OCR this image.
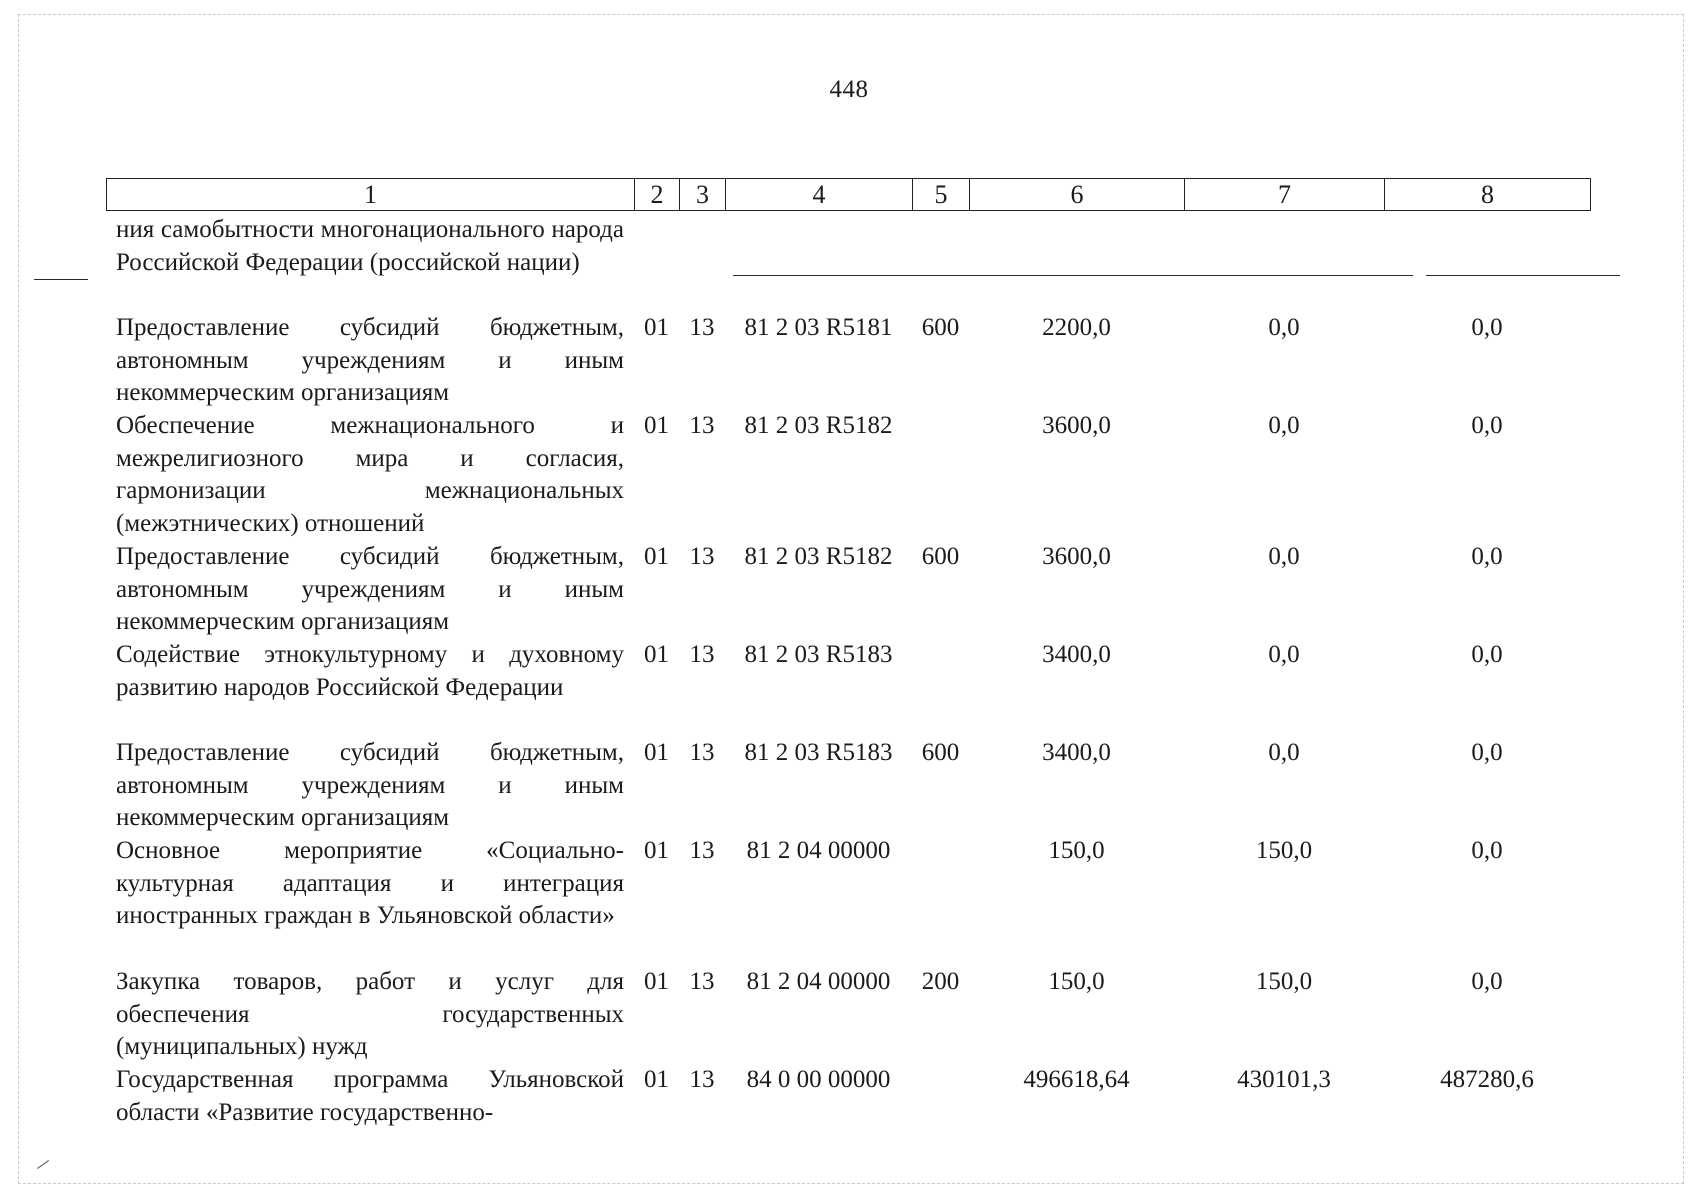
448
1	2	3	4	5	6	7	8
ния самобытности многонационального народа Российской Федерации (российской нации)							
Предоставление субсидий бюджетным, автономным учреждениям и иным некоммерческим организациям	01	13	81 2 03 R5181	600	2200,0	0,0	0,0
Обеспечение межнационального и межрелигиозного мира и согласия, гармонизации межнациональных (межэтнических) отношений	01	13	81 2 03 R5182		3600,0	0,0	0,0
Предоставление субсидий бюджетным, автономным учреждениям и иным некоммерческим организациям	01	13	81 2 03 R5182	600	3600,0	0,0	0,0
Содействие этнокультурному и духовному развитию народов Российской Федерации	01	13	81 2 03 R5183		3400,0	0,0	0,0
Предоставление субсидий бюджетным, автономным учреждениям и иным некоммерческим организациям	01	13	81 2 03 R5183	600	3400,0	0,0	0,0
Основное мероприятие «Социально-культурная адаптация и интеграция иностранных граждан в Ульяновской области»	01	13	81 2 04 00000		150,0	150,0	0,0
Закупка товаров, работ и услуг для обеспечения государственных (муниципальных) нужд	01	13	81 2 04 00000	200	150,0	150,0	0,0
Государственная программа Ульяновской области «Развитие государственно-	01	13	84 0 00 00000		496618,64	430101,3	487280,6
